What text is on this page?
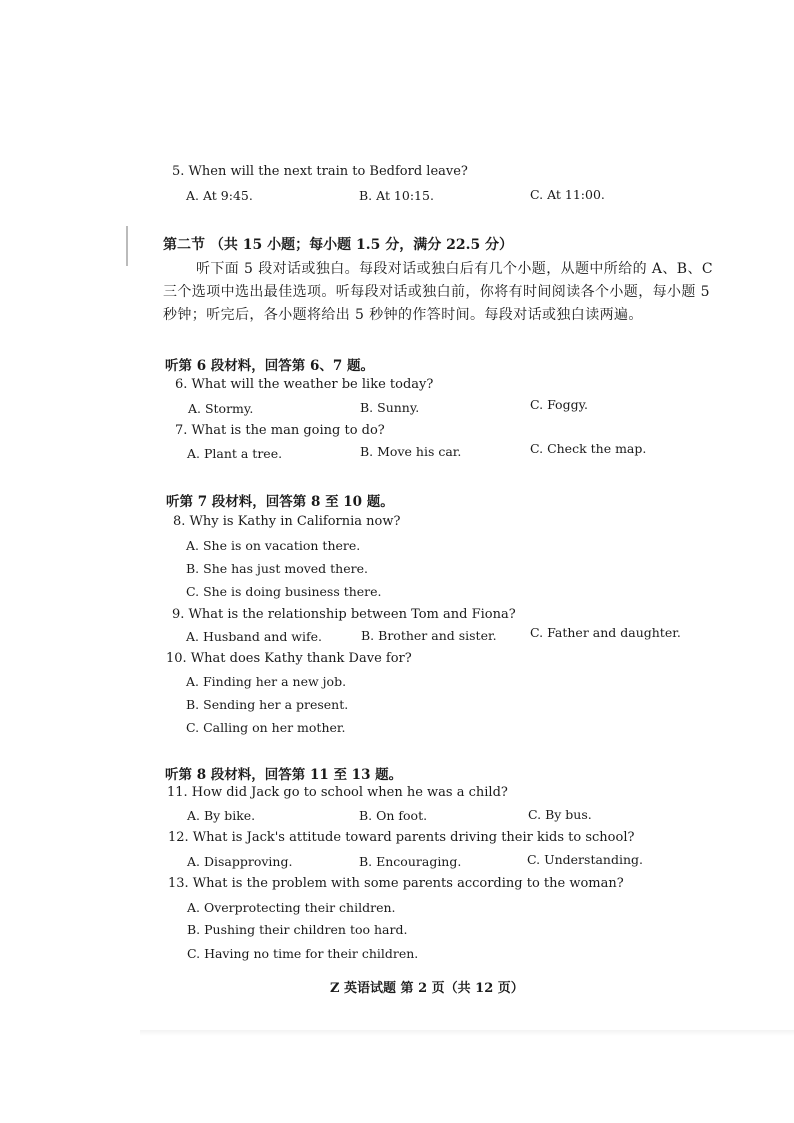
5. When will the next train to Bedford leave?
A. At 9:45.	B. At 10:15.	C. At 11:00.
第二节 （共 15 小题；每小题 1.5 分，满分 22.5 分）
听下面 5 段对话或独白。每段对话或独白后有几个小题，从题中所给的 A、B、C
三个选项中选出最佳选项。听每段对话或独白前，你将有时间阅读各个小题，每小题 5
秒钟；听完后，各小题将给出 5 秒钟的作答时间。每段对话或独白读两遍。
听第 6 段材料，回答第 6、7 题。
6. What will the weather be like today?
A. Stormy.	B. Sunny.	C. Foggy.
7. What is the man going to do?
A. Plant a tree.	B. Move his car.	C. Check the map.
听第 7 段材料，回答第 8 至 10 题。
8. Why is Kathy in California now?
A. She is on vacation there.
B. She has just moved there.
C. She is doing business there.
9. What is the relationship between Tom and Fiona?
A. Husband and wife.	B. Brother and sister.	C. Father and daughter.
10. What does Kathy thank Dave for?
A. Finding her a new job.
B. Sending her a present.
C. Calling on her mother.
听第 8 段材料，回答第 11 至 13 题。
11. How did Jack go to school when he was a child?
A. By bike.	B. On foot.	C. By bus.
12. What is Jack's attitude toward parents driving their kids to school?
A. Disapproving.	B. Encouraging.	C. Understanding.
13. What is the problem with some parents according to the woman?
A. Overprotecting their children.
B. Pushing their children too hard.
C. Having no time for their children.
Z 英语试题 第 2 页（共 12 页）
